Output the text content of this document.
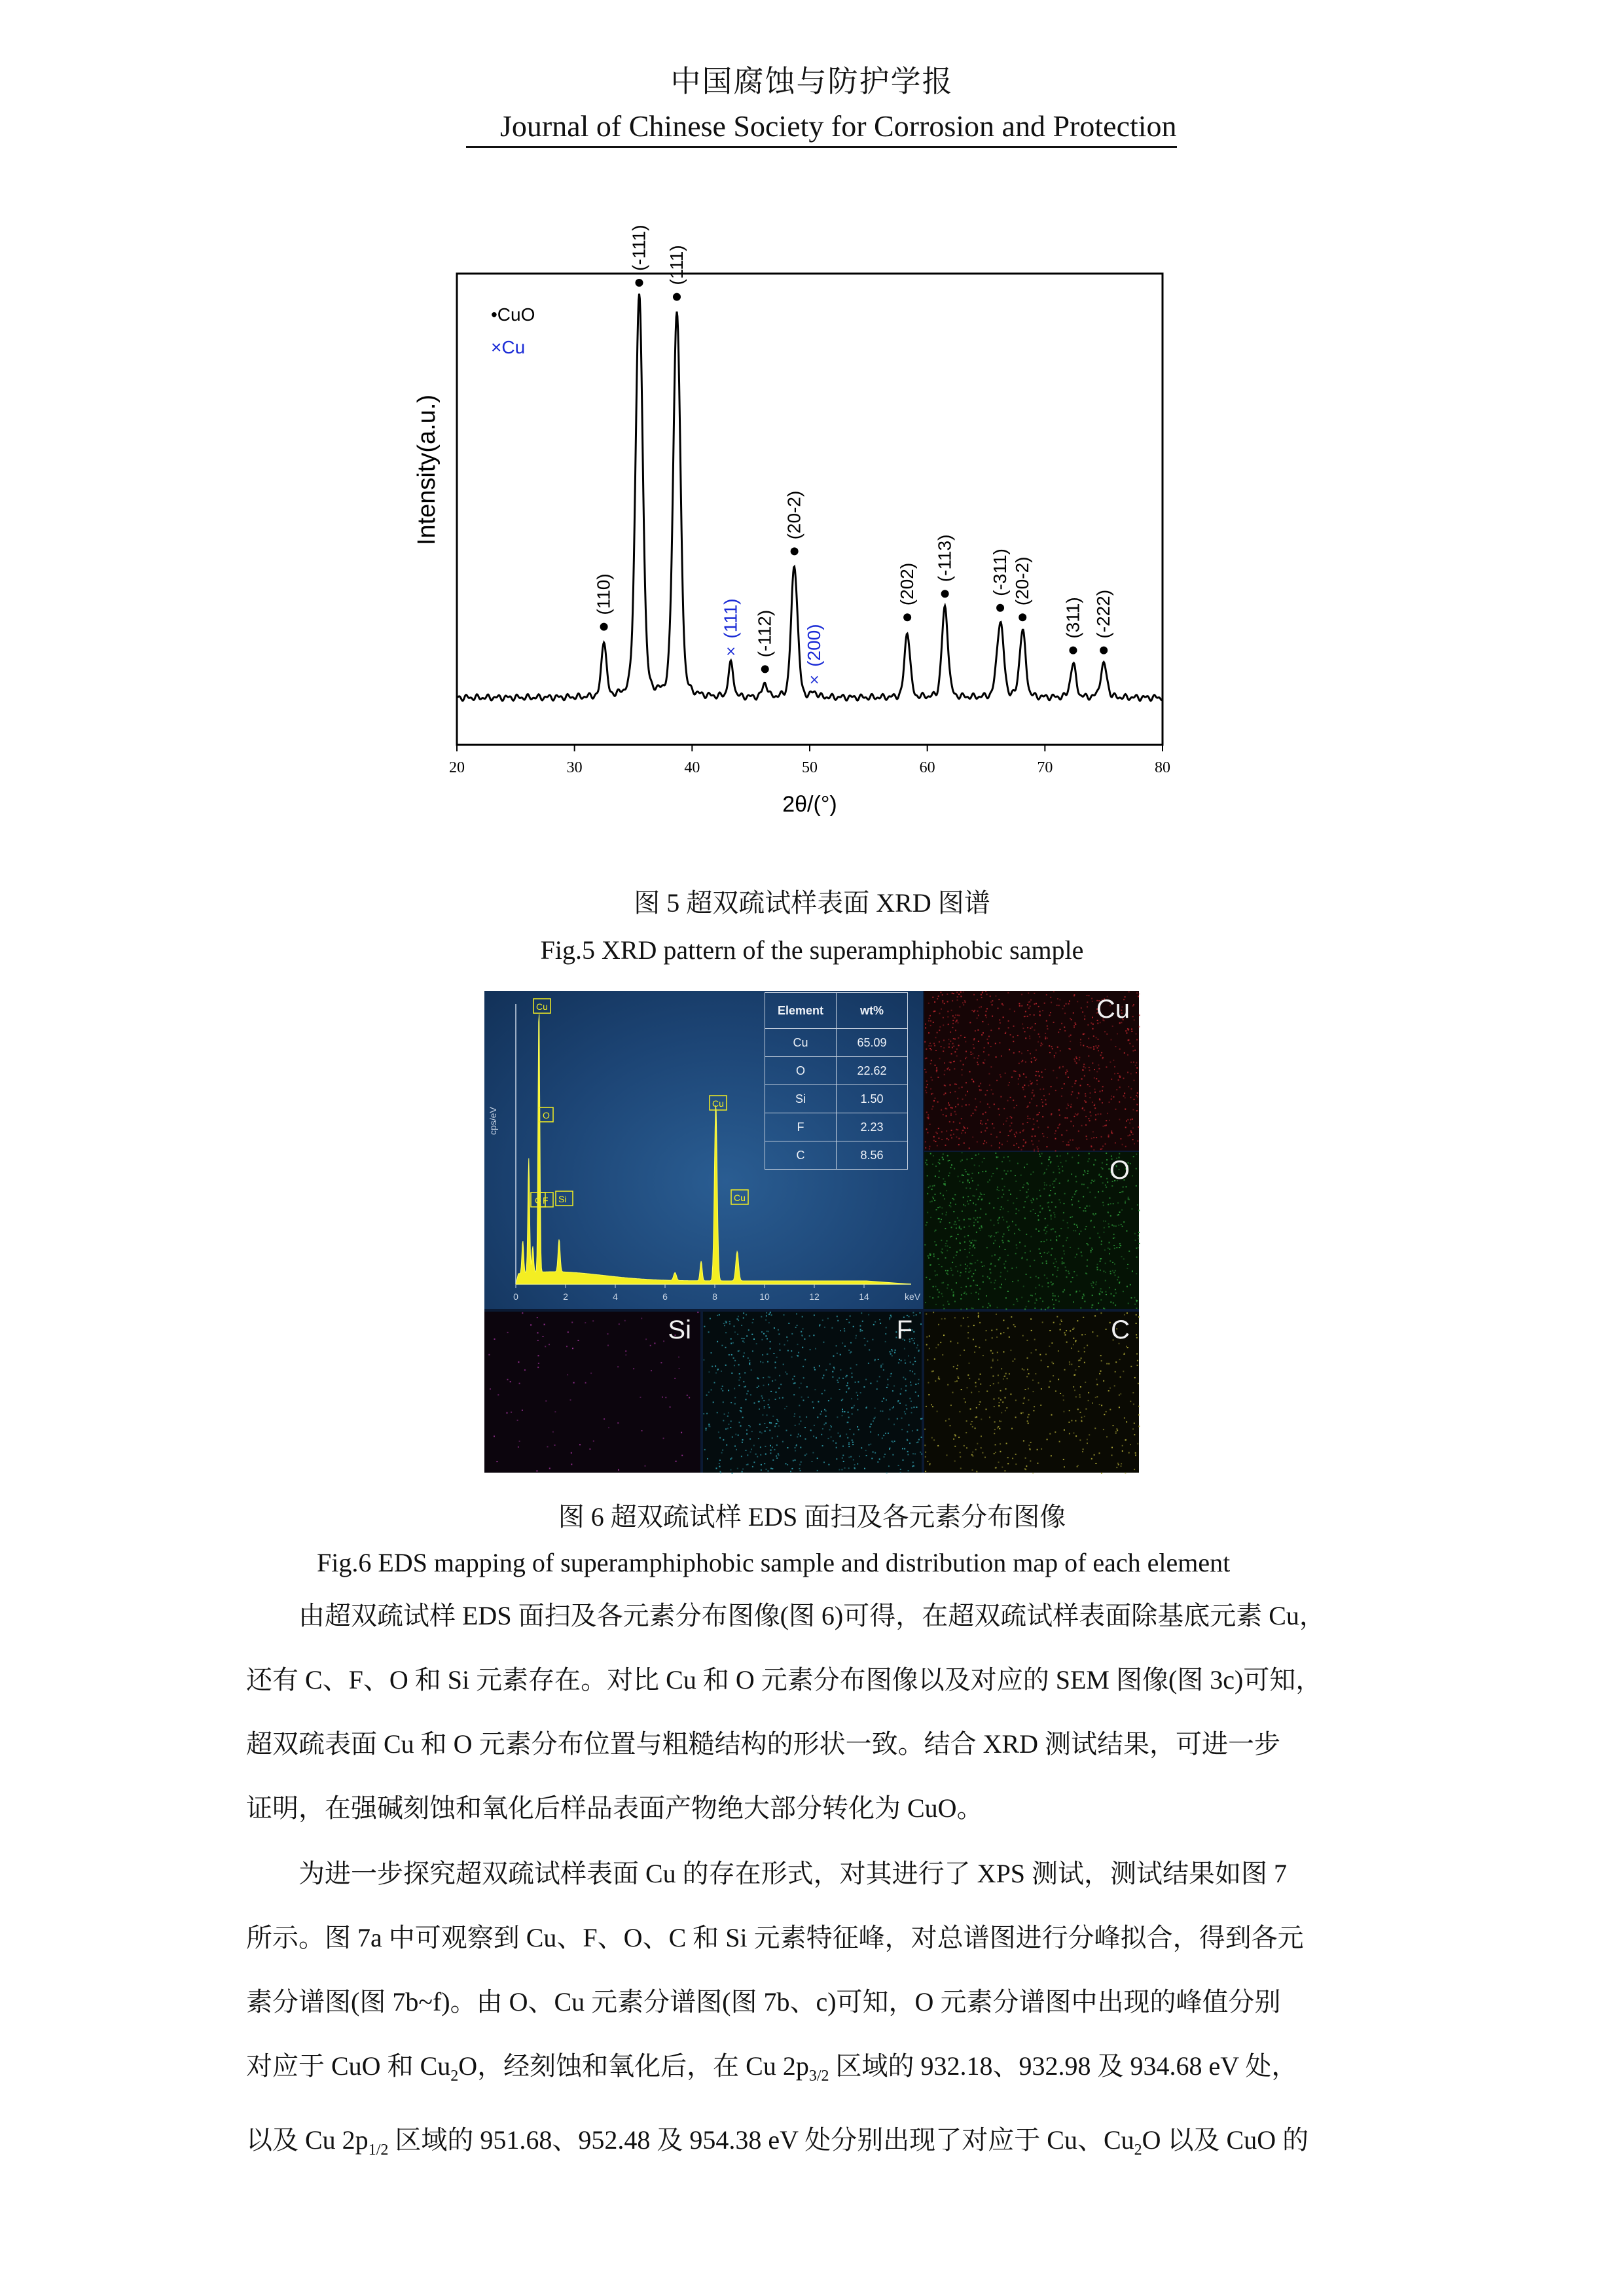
中国腐蚀与防护学报
Journal of Chinese Society for Corrosion and Protection
20	30	40	50	60	70	80
(110)
(-111) (111)
×
(111) (-112)
(20-2)
×
(200)
(202)
(-113) (-311) (20-2)
(311) (-222)
•CuO
×Cu
2θ/(°)
Intensity(a.u.)
图 5 超双疏试样表面 XRD 图谱
Fig.5 XRD pattern of the superamphiphobic sample
cps/eV
0	2	4	6	8	10	12	14	keV
Cu
O
C F Si
Cu
Cu
Element	wt%
Cu	65.09
O	22.62
Si	1.50
F	2.23
C	8.56
Cu
O
Si	F	C
图 6 超双疏试样 EDS 面扫及各元素分布图像
Fig.6 EDS mapping of superamphiphobic sample and distribution map of each element
由超双疏试样 EDS 面扫及各元素分布图像(图 6)可得，在超双疏试样表面除基底元素 Cu，
还有 C、F、O 和 Si 元素存在。对比 Cu 和 O 元素分布图像以及对应的 SEM 图像(图 3c)可知，
超双疏表面 Cu 和 O 元素分布位置与粗糙结构的形状一致。结合 XRD 测试结果，可进一步
证明，在强碱刻蚀和氧化后样品表面产物绝大部分转化为 CuO。
为进一步探究超双疏试样表面 Cu 的存在形式，对其进行了 XPS 测试，测试结果如图 7
所示。图 7a 中可观察到 Cu、F、O、C 和 Si 元素特征峰，对总谱图进行分峰拟合，得到各元
素分谱图(图 7b~f)。由 O、Cu 元素分谱图(图 7b、c)可知，O 元素分谱图中出现的峰值分别
对应于 CuO 和 $Cu_2O$，经刻蚀和氧化后，在 Cu $2p_{3/2}$ 区域的 932.18、932.98 及 934.68 eV 处，
以及 Cu $2p_{1/2}$ 区域的 951.68、952.48 及 954.38 eV 处分别出现了对应于 Cu、$Cu_2O$ 以及 CuO 的
